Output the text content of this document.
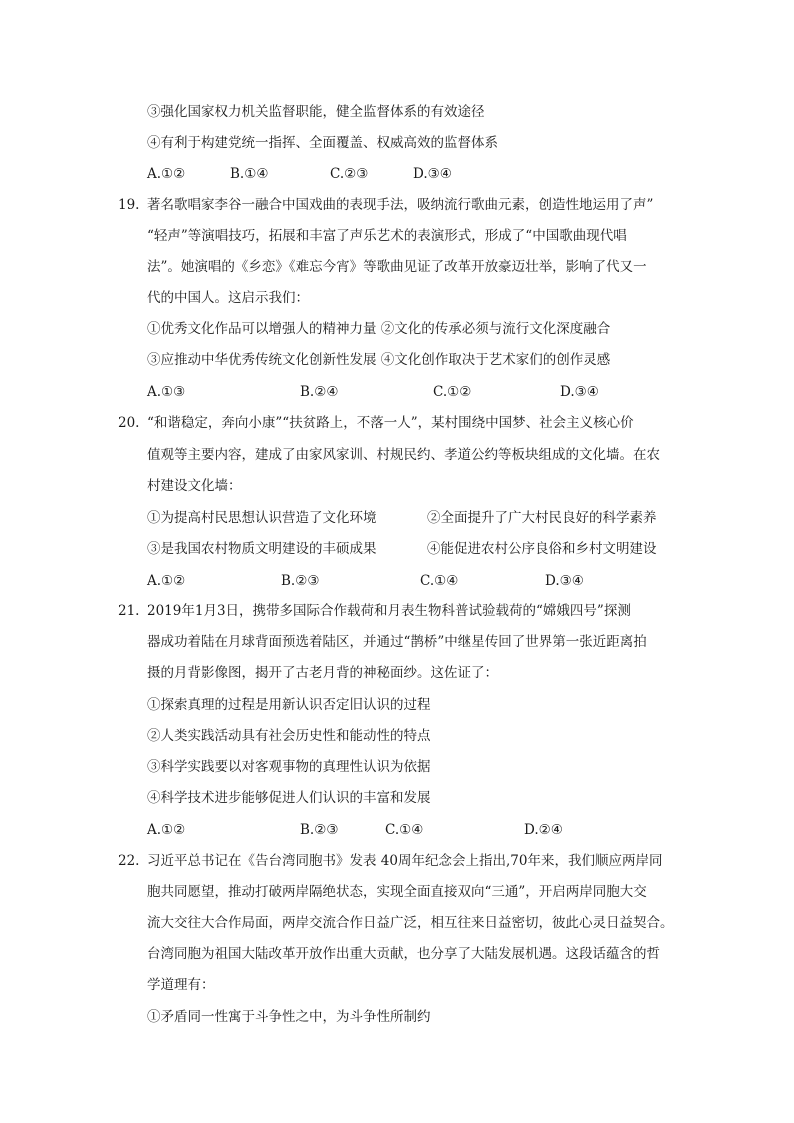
③强化国家权力机关监督职能，健全监督体系的有效途径
④有利于构建党统一指挥、全面覆盖、权威高效的监督体系
A.①②	B.①④	C.②③	D.③④
19. 著名歌唱家李谷一融合中国戏曲的表现手法，吸纳流行歌曲元素，创造性地运用了声”
“轻声”等演唱技巧，拓展和丰富了声乐艺术的表演形式，形成了“中国歌曲现代唱
法”。她演唱的《乡恋》《难忘今宵》等歌曲见证了改革开放豪迈壮举，影响了代又一
代的中国人。这启示我们：
①优秀文化作品可以增强人的精神力量 ②文化的传承必须与流行文化深度融合
③应推动中华优秀传统文化创新性发展 ④文化创作取决于艺术家们的创作灵感
A.①③	B.②④	C.①②	D.③④
20. “和谐稳定，奔向小康”“扶贫路上，不落一人”，某村围绕中国梦、社会主义核心价
值观等主要内容，建成了由家风家训、村规民约、孝道公约等板块组成的文化墙。在农
村建设文化墙：
①为提高村民思想认识营造了文化环境	②全面提升了广大村民良好的科学素养
③是我国农村物质文明建设的丰硕成果	④能促进农村公序良俗和乡村文明建设
A.①②	B.②③	C.①④	D.③④
21. 2019年1月3日，携带多国际合作载荷和月表生物科普试验载荷的“嫦娥四号”探测
器成功着陆在月球背面预选着陆区，并通过“鹊桥”中继星传回了世界第一张近距离拍
摄的月背影像图，揭开了古老月背的神秘面纱。这佐证了：
①探索真理的过程是用新认识否定旧认识的过程
②人类实践活动具有社会历史性和能动性的特点
③科学实践要以对客观事物的真理性认识为依据
④科学技术进步能够促进人们认识的丰富和发展
A.①②	B.②③	C.①④	D.②④
22. 习近平总书记在《告台湾同胞书》发表 40周年纪念会上指出,70年来，我们顺应两岸同
胞共同愿望，推动打破两岸隔绝状态，实现全面直接双向“三通”，开启两岸同胞大交
流大交往大合作局面，两岸交流合作日益广泛，相互往来日益密切，彼此心灵日益契合。
台湾同胞为祖国大陆改革开放作出重大贡献，也分享了大陆发展机遇。这段话蕴含的哲
学道理有：
①矛盾同一性寓于斗争性之中，为斗争性所制约
